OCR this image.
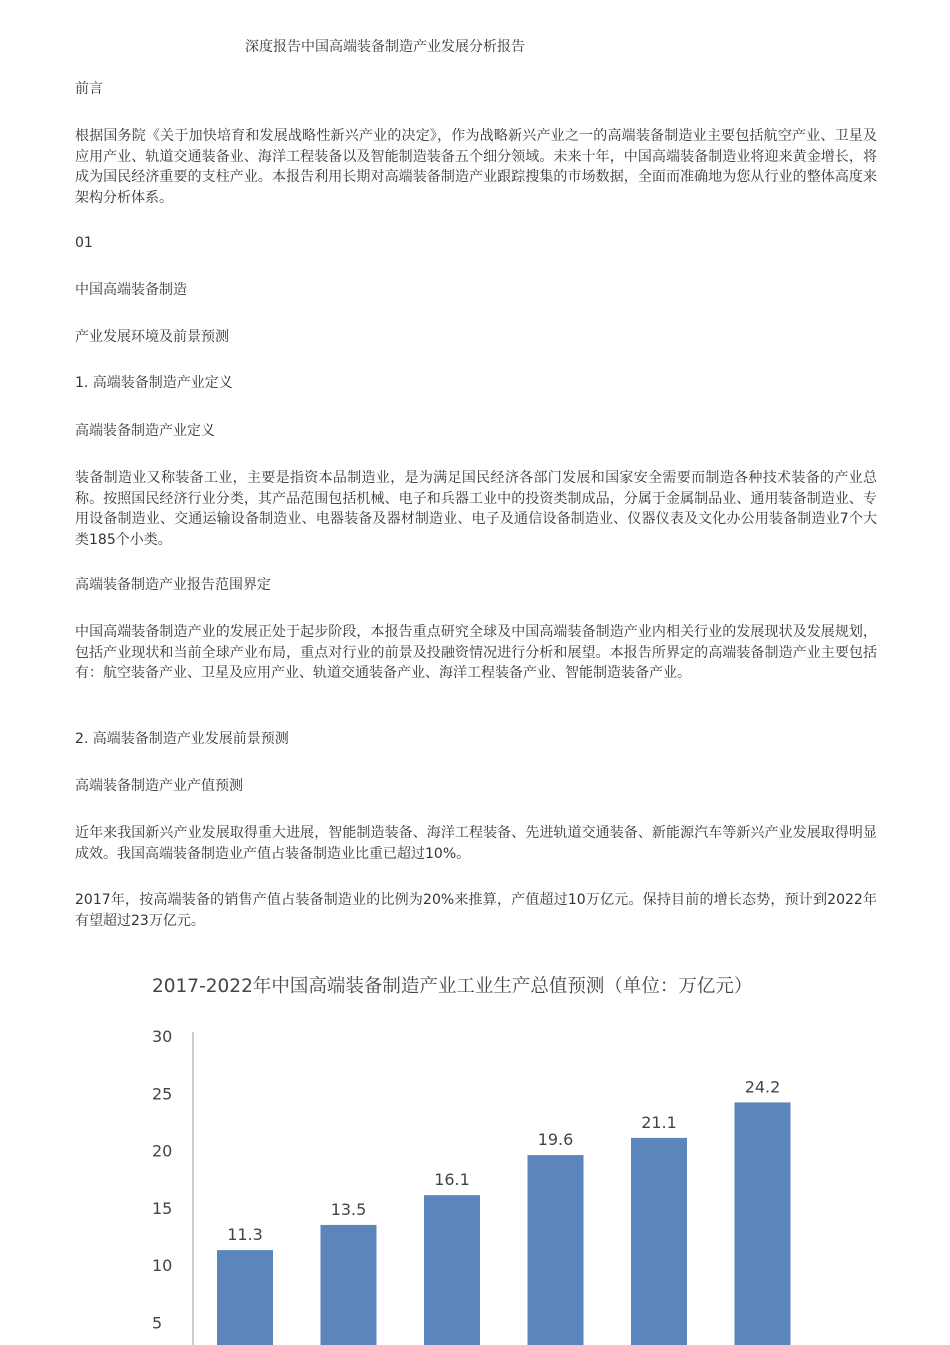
深度报告中国高端装备制造产业发展分析报告
前言
根据国务院《关于加快培育和发展战略性新兴产业的决定》，作为战略新兴产业之一的高端装备制造业主要包括航空产业、卫星及应用产业、轨道交通装备业、海洋工程装备以及智能制造装备五个细分领域。未来十年，中国高端装备制造业将迎来黄金增长，将成为国民经济重要的支柱产业。本报告利用长期对高端装备制造产业跟踪搜集的市场数据，全面而准确地为您从行业的整体高度来架构分析体系。
01
中国高端装备制造
产业发展环境及前景预测
1. 高端装备制造产业定义
高端装备制造产业定义
装备制造业又称装备工业，主要是指资本品制造业，是为满足国民经济各部门发展和国家安全需要而制造各种技术装备的产业总称。按照国民经济行业分类，其产品范围包括机械、电子和兵器工业中的投资类制成品，分属于金属制品业、通用装备制造业、专用设备制造业、交通运输设备制造业、电器装备及器材制造业、电子及通信设备制造业、仪器仪表及文化办公用装备制造业7个大类185个小类。
高端装备制造产业报告范围界定
中国高端装备制造产业的发展正处于起步阶段，本报告重点研究全球及中国高端装备制造产业内相关行业的发展现状及发展规划，包括产业现状和当前全球产业布局，重点对行业的前景及投融资情况进行分析和展望。本报告所界定的高端装备制造产业主要包括有：航空装备产业、卫星及应用产业、轨道交通装备产业、海洋工程装备产业、智能制造装备产业。
2. 高端装备制造产业发展前景预测
高端装备制造产业产值预测
近年来我国新兴产业发展取得重大进展，智能制造装备、海洋工程装备、先进轨道交通装备、新能源汽车等新兴产业发展取得明显成效。我国高端装备制造业产值占装备制造业比重已超过10%。
2017年，按高端装备的销售产值占装备制造业的比例为20%来推算，产值超过10万亿元。保持目前的增长态势，预计到2022年有望超过23万亿元。
2017-2022年中国高端装备制造产业工业生产总值预测（单位：万亿元）
30
25
20
15
10
5
11.3
13.5
16.1
19.6
21.1
24.2
